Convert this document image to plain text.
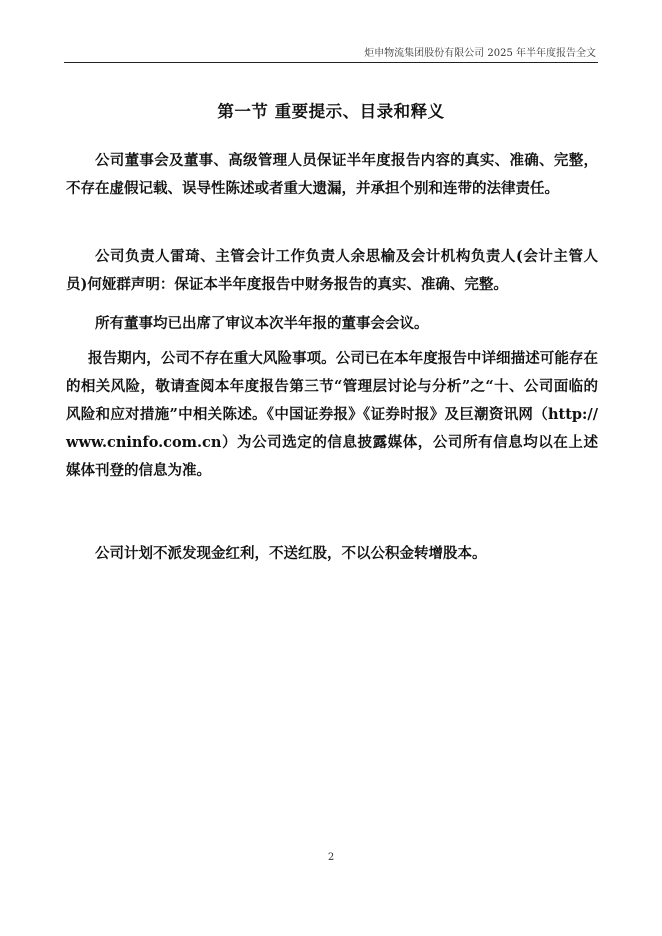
炬申物流集团股份有限公司 2025 年半年度报告全文
第一节 重要提示、目录和释义
公司董事会及董事、高级管理人员保证半年度报告内容的真实、准确、完整，不存在虚假记载、误导性陈述或者重大遗漏，并承担个别和连带的法律责任。
公司负责人雷琦、主管会计工作负责人余思榆及会计机构负责人(会计主管人员)何娅群声明：保证本半年度报告中财务报告的真实、准确、完整。
所有董事均已出席了审议本次半年报的董事会会议。
报告期内，公司不存在重大风险事项。公司已在本年度报告中详细描述可能存在的相关风险，敬请查阅本年度报告第三节“管理层讨论与分析”之“十、公司面临的风险和应对措施”中相关陈述。《中国证券报》《证券时报》及巨潮资讯网（http://www.cninfo.com.cn）为公司选定的信息披露媒体，公司所有信息均以在上述媒体刊登的信息为准。
公司计划不派发现金红利，不送红股，不以公积金转增股本。
2
